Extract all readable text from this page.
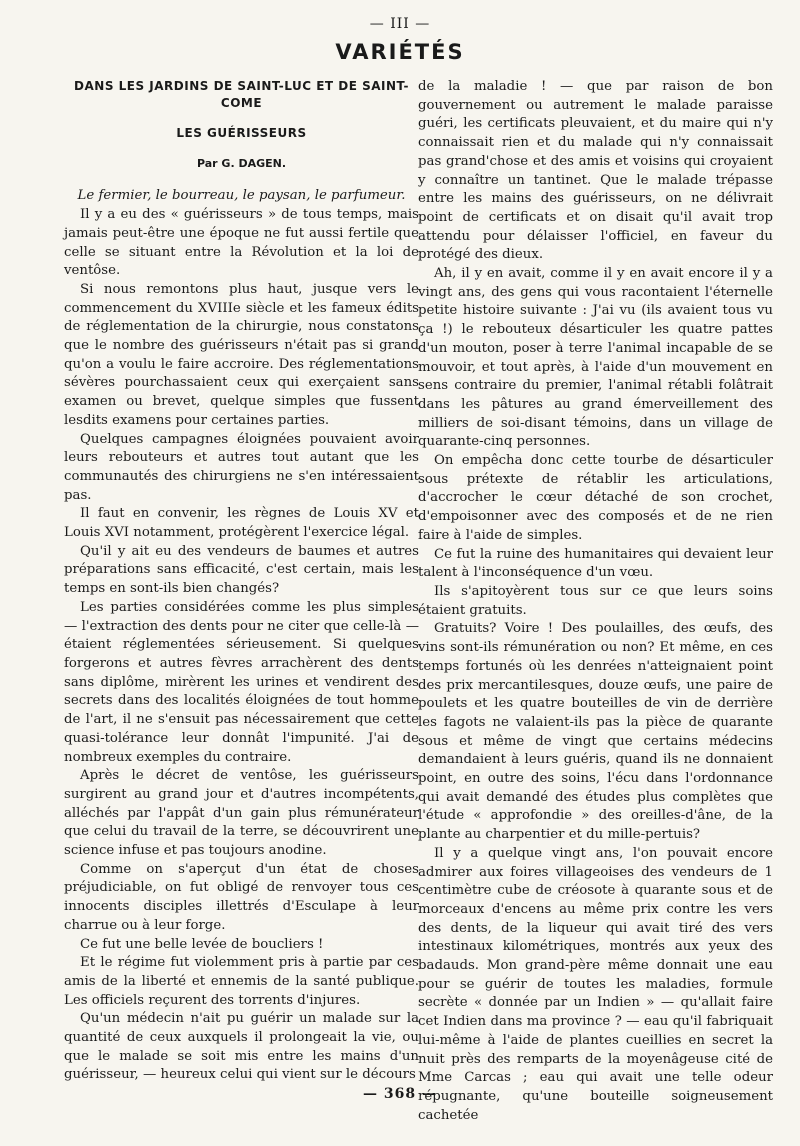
— III —
VARIÉTÉS
DANS LES JARDINS DE SAINT-LUC ET DE SAINT-COME
LES GUÉRISSEURS
Par G. DAGEN.

Le fermier, le bourreau, le paysan, le parfumeur.

Il y a eu des « guérisseurs » de tous temps, mais jamais peut-être une époque ne fut aussi fertile que celle se situant entre la Révolution et la loi de ventôse.

Si nous remontons plus haut, jusque vers le commencement du XVIIIe siècle et les fameux édits de réglementation de la chirurgie, nous constatons que le nombre des guérisseurs n'était pas si grand qu'on a voulu le faire accroire. Des réglementations sévères pourchassaient ceux qui exerçaient sans examen ou brevet, quelque simples que fussent lesdits examens pour certaines parties.

Quelques campagnes éloignées pouvaient avoir leurs rebouteurs et autres tout autant que les communautés des chirurgiens ne s'en intéressaient pas.

Il faut en convenir, les règnes de Louis XV et Louis XVI notamment, protégèrent l'exercice légal.

Qu'il y ait eu des vendeurs de baumes et autres préparations sans efficacité, c'est certain, mais les temps en sont-ils bien changés?

Les parties considérées comme les plus simples — l'extraction des dents pour ne citer que celle-là — étaient réglementées sérieusement. Si quelques forgerons et autres fèvres arrachèrent des dents sans diplôme, mirèrent les urines et vendirent des secrets dans des localités éloignées de tout homme de l'art, il ne s'ensuit pas nécessairement que cette quasi-tolérance leur donnât l'impunité. J'ai de nombreux exemples du contraire.

Après le décret de ventôse, les guérisseurs surgirent au grand jour et d'autres incompétents, alléchés par l'appât d'un gain plus rémunérateur que celui du travail de la terre, se découvrirent une science infuse et pas toujours anodine.

Comme on s'aperçut d'un état de choses préjudiciable, on fut obligé de renvoyer tous ces innocents disciples illettrés d'Esculape à leur charrue ou à leur forge.

Ce fut une belle levée de boucliers !

Et le régime fut violemment pris à partie par ces amis de la liberté et ennemis de la santé publique. Les officiels reçurent des torrents d'injures.

Qu'un médecin n'ait pu guérir un malade sur la quantité de ceux auxquels il prolongeait la vie, ou que le malade se soit mis entre les mains d'un guérisseur, — heureux celui qui vient sur le décours

de la maladie ! — que par raison de bon gouvernement ou autrement le malade paraisse guéri, les certificats pleuvaient, et du maire qui n'y connaissait rien et du malade qui n'y connaissait pas grand'chose et des amis et voisins qui croyaient y connaître un tantinet. Que le malade trépasse entre les mains des guérisseurs, on ne délivrait point de certificats et on disait qu'il avait trop attendu pour délaisser l'officiel, en faveur du protégé des dieux.

Ah, il y en avait, comme il y en avait encore il y a vingt ans, des gens qui vous racontaient l'éternelle petite histoire suivante : J'ai vu (ils avaient tous vu ça !) le rebouteux désarticuler les quatre pattes d'un mouton, poser à terre l'animal incapable de se mouvoir, et tout après, à l'aide d'un mouvement en sens contraire du premier, l'animal rétabli folâtrait dans les pâtures au grand émerveillement des milliers de soi-disant témoins, dans un village de quarante-cinq personnes.

On empêcha donc cette tourbe de désarticuler sous prétexte de rétablir les articulations, d'accrocher le cœur détaché de son crochet, d'empoisonner avec des composés et de ne rien faire à l'aide de simples.

Ce fut la ruine des humanitaires qui devaient leur talent à l'inconséquence d'un vœu.

Ils s'apitoyèrent tous sur ce que leurs soins étaient gratuits.

Gratuits? Voire ! Des poulailles, des œufs, des vins sont-ils rémunération ou non? Et même, en ces temps fortunés où les denrées n'atteignaient point des prix mercantilesques, douze œufs, une paire de poulets et les quatre bouteilles de vin de derrière les fagots ne valaient-ils pas la pièce de quarante sous et même de vingt que certains médecins demandaient à leurs guéris, quand ils ne donnaient point, en outre des soins, l'écu dans l'ordonnance qui avait demandé des études plus complètes que l'étude « approfondie » des oreilles-d'âne, de la plante au charpentier et du mille-pertuis?

Il y a quelque vingt ans, l'on pouvait encore admirer aux foires villageoises des vendeurs de 1 centimètre cube de créosote à quarante sous et de morceaux d'encens au même prix contre les vers des dents, de la liqueur qui avait tiré des vers intestinaux kilométriques, montrés aux yeux des badauds. Mon grand-père même donnait une eau pour se guérir de toutes les maladies, formule secrète « donnée par un Indien » — qu'allait faire cet Indien dans ma province ? — eau qu'il fabriquait lui-même à l'aide de plantes cueillies en secret la nuit près des remparts de la moyenâgeuse cité de Mme Carcas ; eau qui avait une telle odeur répugnante, qu'une bouteille soigneusement cachetée

— 368 —
